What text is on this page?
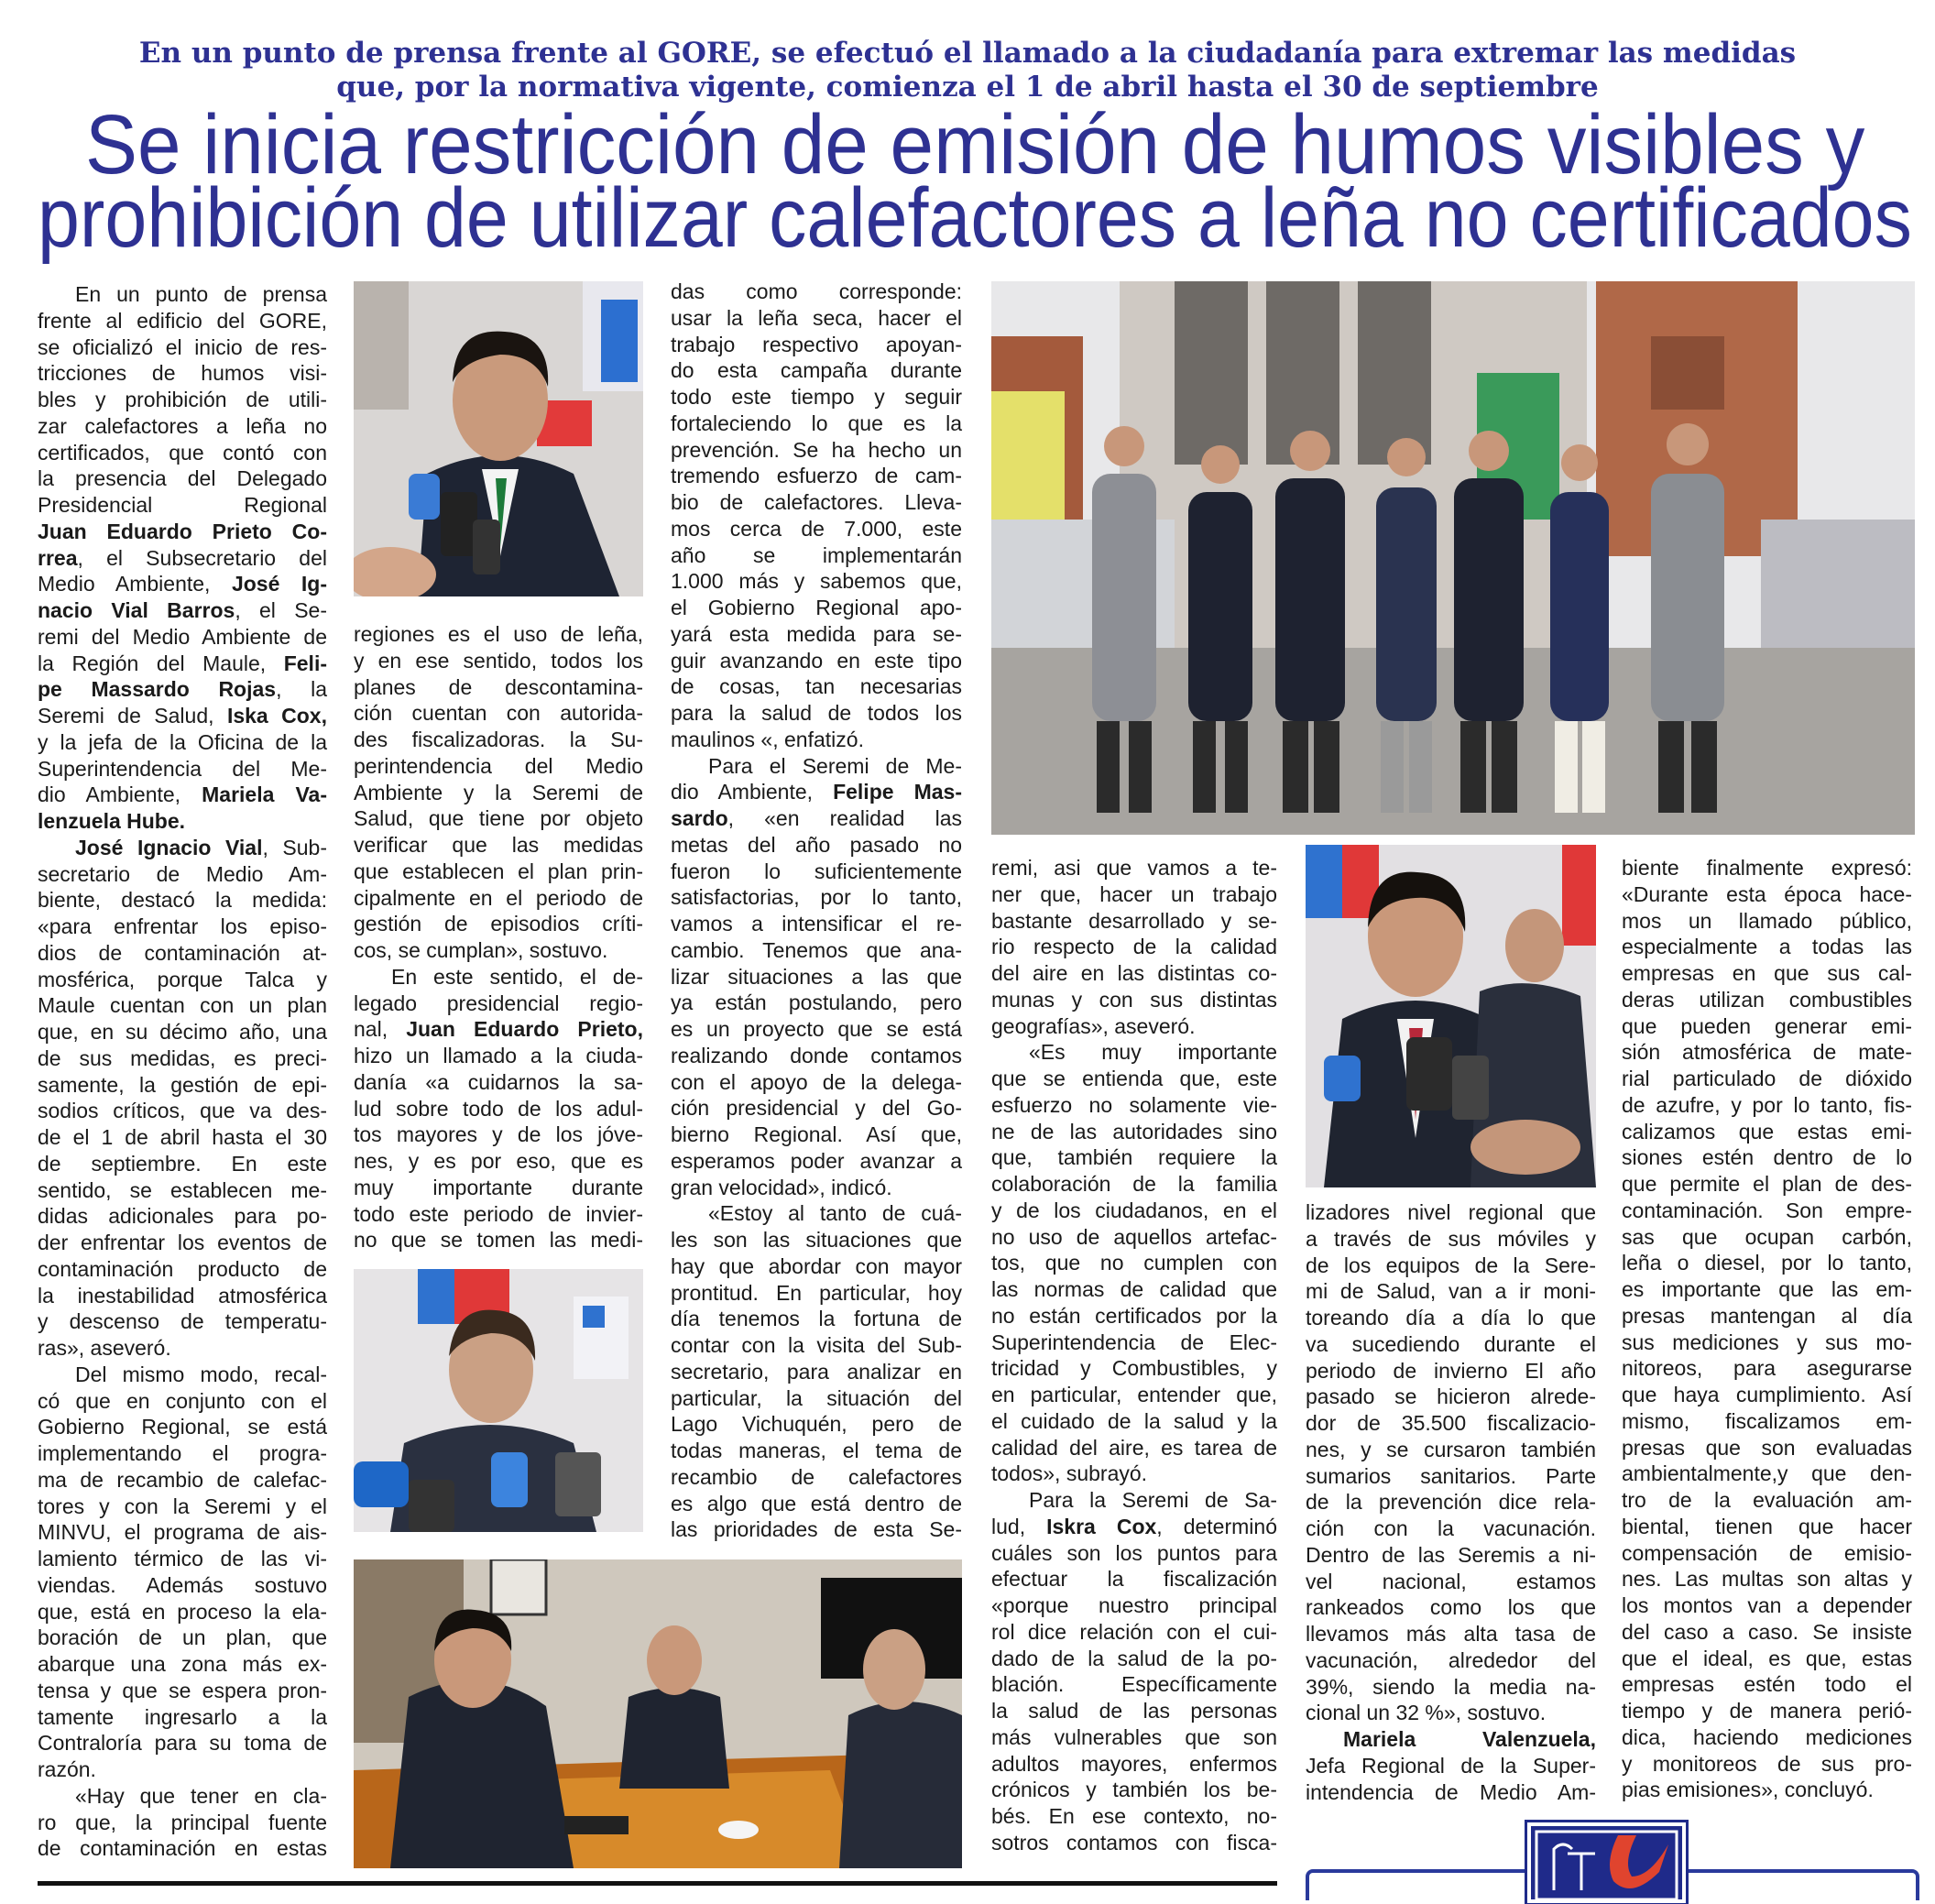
En un punto de prensa frente al GORE, se efectuó el llamado a la ciudadanía para extremar las medidas
que, por la normativa vigente, comienza el 1 de abril hasta el 30 de septiembre
Se inicia restricción de emisión de humos visibles y
prohibición de utilizar calefactores a leña no certificados
En un punto de prensa
frente al edificio del GORE,
se oficializó el inicio de res-
tricciones de humos visi-
bles y prohibición de utili-
zar calefactores a leña no
certificados, que contó con
la presencia del Delegado
Presidencial Regional
Juan Eduardo Prieto Co-
rrea, el Subsecretario del
Medio Ambiente, José Ig-
nacio Vial Barros, el Se-
remi del Medio Ambiente de
la Región del Maule, Feli-
pe Massardo Rojas, la
Seremi de Salud, Iska Cox,
y la jefa de la Oficina de la
Superintendencia del Me-
dio Ambiente, Mariela Va-
lenzuela Hube.
José Ignacio Vial, Sub-
secretario de Medio Am-
biente, destacó la medida:
«para enfrentar los episo-
dios de contaminación at-
mosférica, porque Talca y
Maule cuentan con un plan
que, en su décimo año, una
de sus medidas, es preci-
samente, la gestión de epi-
sodios críticos, que va des-
de el 1 de abril hasta el 30
de septiembre. En este
sentido, se establecen me-
didas adicionales para po-
der enfrentar los eventos de
contaminación producto de
la inestabilidad atmosférica
y descenso de temperatu-
ras», aseveró.
Del mismo modo, recal-
có que en conjunto con el
Gobierno Regional, se está
implementando el progra-
ma de recambio de calefac-
tores y con la Seremi y el
MINVU, el programa de ais-
lamiento térmico de las vi-
viendas. Además sostuvo
que, está en proceso la ela-
boración de un plan, que
abarque una zona más ex-
tensa y que se espera pron-
tamente ingresarlo a la
Contraloría para su toma de
razón.
«Hay que tener en cla-
ro que, la principal fuente
de contaminación en estas
regiones es el uso de leña,
y en ese sentido, todos los
planes de descontamina-
ción cuentan con autorida-
des fiscalizadoras. la Su-
perintendencia del Medio
Ambiente y la Seremi de
Salud, que tiene por objeto
verificar que las medidas
que establecen el plan prin-
cipalmente en el periodo de
gestión de episodios críti-
cos, se cumplan», sostuvo.
En este sentido, el de-
legado presidencial regio-
nal, Juan Eduardo Prieto,
hizo un llamado a la ciuda-
danía «a cuidarnos la sa-
lud sobre todo de los adul-
tos mayores y de los jóve-
nes, y es por eso, que es
muy importante durante
todo este periodo de invier-
no que se tomen las medi-
das como corresponde:
usar la leña seca, hacer el
trabajo respectivo apoyan-
do esta campaña durante
todo este tiempo y seguir
fortaleciendo lo que es la
prevención. Se ha hecho un
tremendo esfuerzo de cam-
bio de calefactores. Lleva-
mos cerca de 7.000, este
año se implementarán
1.000 más y sabemos que,
el Gobierno Regional apo-
yará esta medida para se-
guir avanzando en este tipo
de cosas, tan necesarias
para la salud de todos los
maulinos «, enfatizó.
Para el Seremi de Me-
dio Ambiente, Felipe Mas-
sardo, «en realidad las
metas del año pasado no
fueron lo suficientemente
satisfactorias, por lo tanto,
vamos a intensificar el re-
cambio. Tenemos que ana-
lizar situaciones a las que
ya están postulando, pero
es un proyecto que se está
realizando donde contamos
con el apoyo de la delega-
ción presidencial y del Go-
bierno Regional. Así que,
esperamos poder avanzar a
gran velocidad», indicó.
«Estoy al tanto de cuá-
les son las situaciones que
hay que abordar con mayor
prontitud. En particular, hoy
día tenemos la fortuna de
contar con la visita del Sub-
secretario, para analizar en
particular, la situación del
Lago Vichuquén, pero de
todas maneras, el tema de
recambio de calefactores
es algo que está dentro de
las prioridades de esta Se-
remi, asi que vamos a te-
ner que, hacer un trabajo
bastante desarrollado y se-
rio respecto de la calidad
del aire en las distintas co-
munas y con sus distintas
geografías», aseveró.
«Es muy importante
que se entienda que, este
esfuerzo no solamente vie-
ne de las autoridades sino
que, también requiere la
colaboración de la familia
y de los ciudadanos, en el
no uso de aquellos artefac-
tos, que no cumplen con
las normas de calidad que
no están certificados por la
Superintendencia de Elec-
tricidad y Combustibles, y
en particular, entender que,
el cuidado de la salud y la
calidad del aire, es tarea de
todos», subrayó.
Para la Seremi de Sa-
lud, Iskra Cox, determinó
cuáles son los puntos para
efectuar la fiscalización
«porque nuestro principal
rol dice relación con el cui-
dado de la salud de la po-
blación. Específicamente
la salud de las personas
más vulnerables que son
adultos mayores, enfermos
crónicos y también los be-
bés. En ese contexto, no-
sotros contamos con fisca-
lizadores nivel regional que
a través de sus móviles y
de los equipos de la Sere-
mi de Salud, van a ir moni-
toreando día a día lo que
va sucediendo durante el
periodo de invierno El año
pasado se hicieron alrede-
dor de 35.500 fiscalizacio-
nes, y se cursaron también
sumarios sanitarios. Parte
de la prevención dice rela-
ción con la vacunación.
Dentro de las Seremis a ni-
vel nacional, estamos
rankeados como los que
llevamos más alta tasa de
vacunación, alrededor del
39%, siendo la media na-
cional un 32 %», sostuvo.
Mariela Valenzuela,
Jefa Regional de la Super-
intendencia de Medio Am-
biente finalmente expresó:
«Durante esta época hace-
mos un llamado público,
especialmente a todas las
empresas en que sus cal-
deras utilizan combustibles
que pueden generar emi-
sión atmosférica de mate-
rial particulado de dióxido
de azufre, y por lo tanto, fis-
calizamos que estas emi-
siones estén dentro de lo
que permite el plan de des-
contaminación. Son empre-
sas que ocupan carbón,
leña o diesel, por lo tanto,
es importante que las em-
presas mantengan al día
sus mediciones y sus mo-
nitoreos, para asegurarse
que haya cumplimiento. Así
mismo, fiscalizamos em-
presas que son evaluadas
ambientalmente,y que den-
tro de la evaluación am-
biental, tienen que hacer
compensación de emisio-
nes. Las multas son altas y
los montos van a depender
del caso a caso. Se insiste
que el ideal, es que, estas
empresas estén todo el
tiempo y de manera perió-
dica, haciendo mediciones
y monitoreos de sus pro-
pias emisiones», concluyó.
